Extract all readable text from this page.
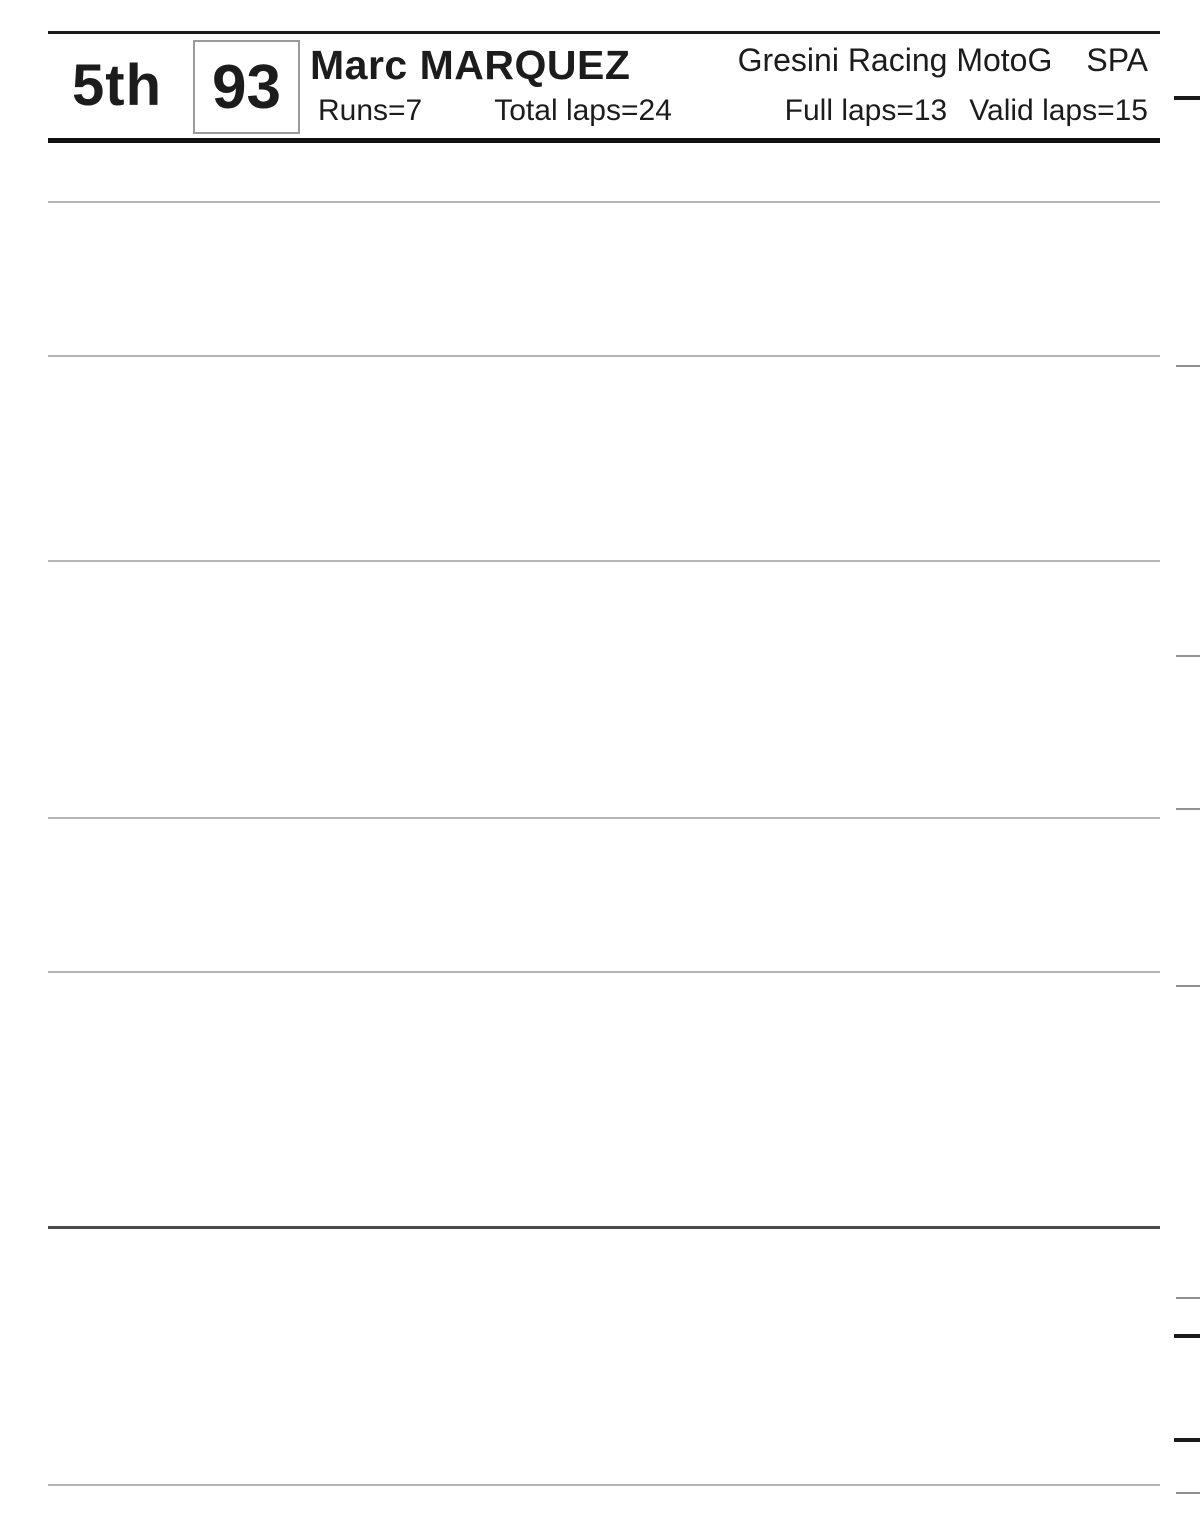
5th 93 Marc MARQUEZ
Runs=7 Total laps=24
Gresini Racing MotoG SPA
Full laps=13 Valid laps=15
